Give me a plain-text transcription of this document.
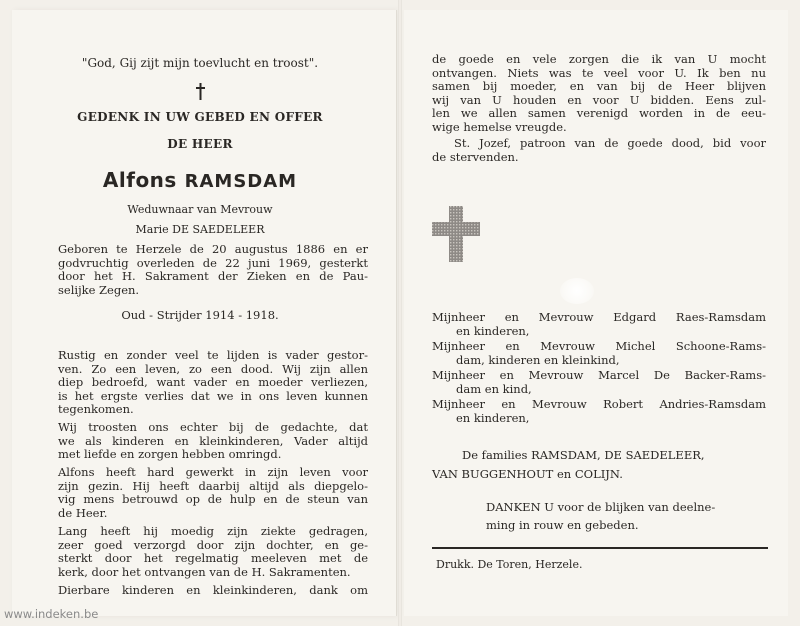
"God, Gij zijt mijn toevlucht en troost".
GEDENK IN UW GEBED EN OFFER
DE HEER
Alfons RAMSDAM
Weduwnaar van Mevrouw
Marie DE SAEDELEER
Geboren te Herzele de 20 augustus 1886 en er
godvruchtig overleden de 22 juni 1969, gesterkt
door het H. Sakrament der Zieken en de Pau-
selijke Zegen.
Oud - Strijder 1914 - 1918.
Rustig en zonder veel te lijden is vader gestor-
ven. Zo een leven, zo een dood. Wij zijn allen
diep bedroefd, want vader en moeder verliezen,
is het ergste verlies dat we in ons leven kunnen
tegenkomen.
Wij troosten ons echter bij de gedachte, dat
we als kinderen en kleinkinderen, Vader altijd
met liefde en zorgen hebben omringd.
Alfons heeft hard gewerkt in zijn leven voor
zijn gezin. Hij heeft daarbij altijd als diepgelo-
vig mens betrouwd op de hulp en de steun van
de Heer.
Lang heeft hij moedig zijn ziekte gedragen,
zeer goed verzorgd door zijn dochter, en ge-
sterkt door het regelmatig meeleven met de
kerk, door het ontvangen van de H. Sakramenten.
Dierbare kinderen en kleinkinderen, dank om
www.indeken.be
de goede en vele zorgen die ik van U mocht
ontvangen. Niets was te veel voor U. Ik ben nu
samen bij moeder, en van bij de Heer blijven
wij van U houden en voor U bidden. Eens zul-
len we allen samen verenigd worden in de eeu-
wige hemelse vreugde.
St. Jozef, patroon van de goede dood, bid voor
de stervenden.
Mijnheer en Mevrouw Edgard Raes-Ramsdam
en kinderen,
Mijnheer en Mevrouw Michel Schoone-Rams-
dam, kinderen en kleinkind,
Mijnheer en Mevrouw Marcel De Backer-Rams-
dam en kind,
Mijnheer en Mevrouw Robert Andries-Ramsdam
en kinderen,
De families RAMSDAM, DE SAEDELEER,
VAN BUGGENHOUT en COLIJN.
DANKEN U voor de blijken van deelne-
ming in rouw en gebeden.
Drukk. De Toren, Herzele.
